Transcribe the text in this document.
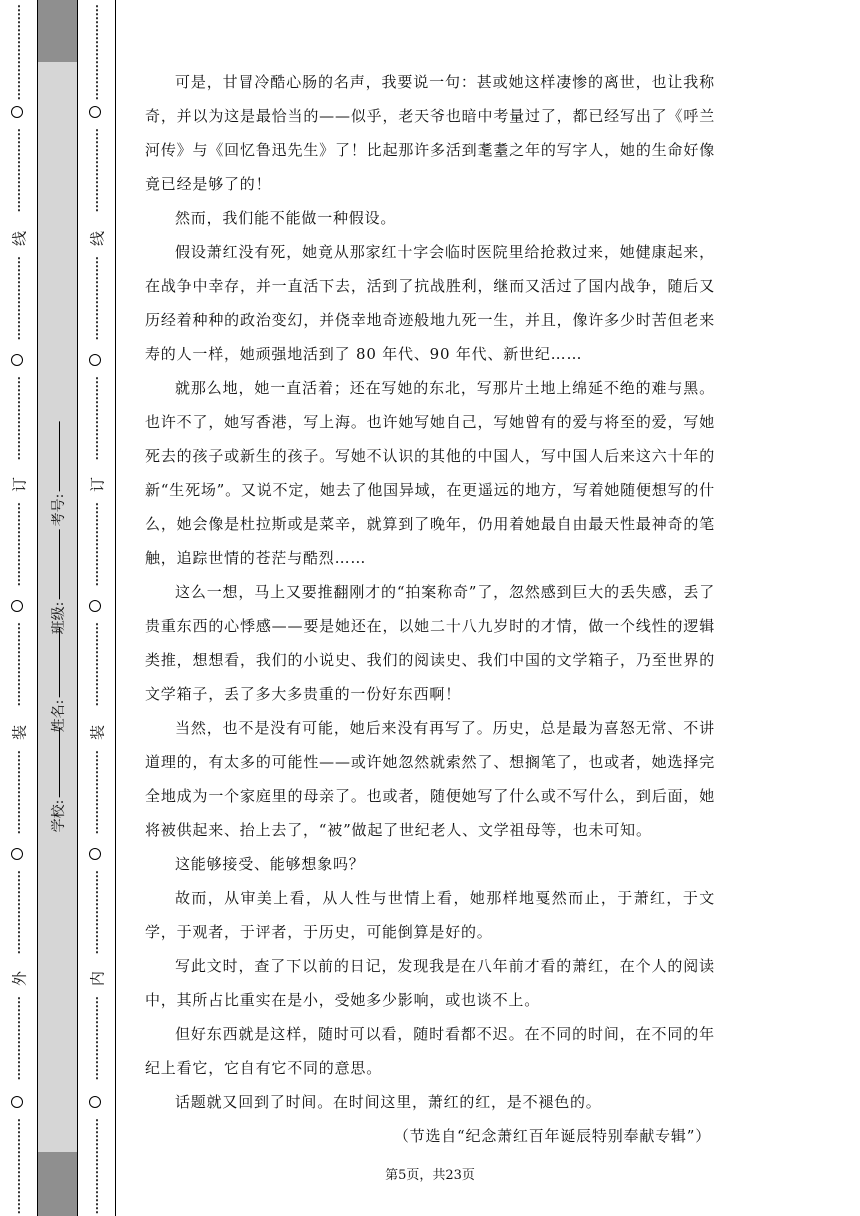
⋮
⋮
⋮
⋮
⋮
⋮
⋮
⋮
⋮
⋮
⋮
⋮
⋮
⋮
⋮
线
⋮
⋮
⋮
⋮
⋮
⋮
⋮
⋮
⋮
⋮
⋮
⋮
⋮
⋮
订
⋮
⋮
⋮
⋮
⋮
⋮
⋮
⋮
⋮
⋮
⋮
⋮
⋮
⋮
装
⋮
⋮
⋮
⋮
⋮
⋮
⋮
⋮
⋮
⋮
⋮
⋮
⋮
⋮
外
⋮
⋮
⋮
⋮
⋮
⋮
⋮
⋮
⋮
⋮
⋮
⋮
⋮
⋮
⋮
学校:
姓名:
班级:
考号:
⋮
⋮
⋮
⋮
⋮
⋮
⋮
⋮
⋮
⋮
⋮
⋮
⋮
⋮
⋮
线
⋮
⋮
⋮
⋮
⋮
⋮
⋮
⋮
⋮
⋮
⋮
⋮
⋮
⋮
订
⋮
⋮
⋮
⋮
⋮
⋮
⋮
⋮
⋮
⋮
⋮
⋮
⋮
⋮
装
⋮
⋮
⋮
⋮
⋮
⋮
⋮
⋮
⋮
⋮
⋮
⋮
⋮
⋮
内
⋮
⋮
⋮
⋮
⋮
⋮
⋮
⋮
⋮
⋮
⋮
⋮
⋮
⋮
⋮

可是，甘冒冷酷心肠的名声，我要说一句：甚或她这样凄惨的离世，也让我称奇，并以为这是最恰当的——似乎，老天爷也暗中考量过了，都已经写出了《呼兰河传》与《回忆鲁迅先生》了！比起那许多活到耄耋之年的写字人，她的生命好像竟已经是够了的！

然而，我们能不能做一种假设。

假设萧红没有死，她竟从那家红十字会临时医院里给抢救过来，她健康起来，在战争中幸存，并一直活下去，活到了抗战胜利，继而又活过了国内战争，随后又历经着种种的政治变幻，并侥幸地奇迹般地九死一生，并且，像许多少时苦但老来寿的人一样，她顽强地活到了 80 年代、90 年代、新世纪……

就那么地，她一直活着；还在写她的东北，写那片土地上绵延不绝的难与黑。也许不了，她写香港，写上海。也许她写她自己，写她曾有的爱与将至的爱，写她死去的孩子或新生的孩子。写她不认识的其他的中国人，写中国人后来这六十年的新“生死场”。又说不定，她去了他国异域，在更遥远的地方，写着她随便想写的什么，她会像是杜拉斯或是菜辛，就算到了晚年，仍用着她最自由最天性最神奇的笔触，追踪世情的苍茫与酷烈……

这么一想，马上又要推翻刚才的“拍案称奇”了，忽然感到巨大的丢失感，丢了贵重东西的心悸感——要是她还在，以她二十八九岁时的才情，做一个线性的逻辑类推，想想看，我们的小说史、我们的阅读史、我们中国的文学箱子，乃至世界的文学箱子，丢了多大多贵重的一份好东西啊！

当然，也不是没有可能，她后来没有再写了。历史，总是最为喜怒无常、不讲道理的，有太多的可能性——或许她忽然就索然了、想搁笔了，也或者，她选择完全地成为一个家庭里的母亲了。也或者，随便她写了什么或不写什么，到后面，她将被供起来、抬上去了，“被”做起了世纪老人、文学祖母等，也未可知。

这能够接受、能够想象吗？

故而，从审美上看，从人性与世情上看，她那样地戛然而止，于萧红，于文学，于观者，于评者，于历史，可能倒算是好的。

写此文时，查了下以前的日记，发现我是在八年前才看的萧红，在个人的阅读中，其所占比重实在是小，受她多少影响，或也谈不上。

但好东西就是这样，随时可以看，随时看都不迟。在不同的时间，在不同的年纪上看它，它自有它不同的意思。

话题就又回到了时间。在时间这里，萧红的红，是不褪色的。

（节选自“纪念萧红百年诞辰特别奉献专辑”）

第5页，共23页
